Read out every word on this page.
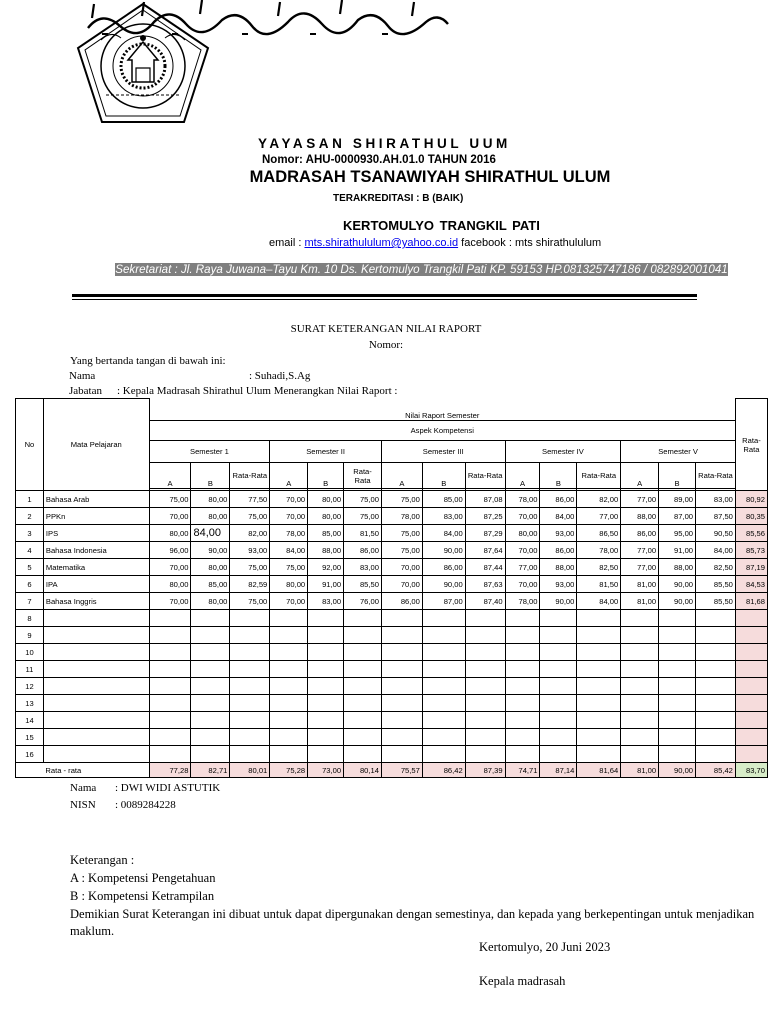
YAYASAN SHIRATHUL UUM
Nomor: AHU-0000930.AH.01.0 TAHUN 2016
MADRASAH TSANAWIYAH SHIRATHUL ULUM
TERAKREDITASI : B (BAIK)
KERTOMULYO TRANGKIL PATI
email : mts.shirathululum@yahoo.co.id facebook : mts shirathululum
Sekretariat : Jl. Raya Juwana–Tayu Km. 10 Ds. Kertomulyo Trangkil Pati KP. 59153 HP.081325747186 / 082892001041
SURAT KETERANGAN NILAI RAPORT
Nomor:
Yang bertanda tangan di bawah ini:
Nama	: Suhadi,S.Ag
Jabatan : Kepala Madrasah Shirathul Ulum Menerangkan Nilai Raport :
No	Mata Pelajaran	Nilai Raport Semester															Rata-Rata
		Aspek Kompetensi															
		Semester 1			Semester II			Semester III			Semester IV			Semester V			
		A	B	Rata-Rata	A	B	Rata-Rata	A	B	Rata-Rata	A	B	Rata-Rata	A	B	Rata-Rata	

1	Bahasa Arab	75,00	80,00	77,50	70,00	80,00	75,00	75,00	85,00	87,08	78,00	86,00	82,00	77,00	89,00	83,00	80,92
2	PPKn	70,00	80,00	75,00	70,00	80,00	75,00	78,00	83,00	87,25	70,00	84,00	77,00	88,00	87,00	87,50	80,35
3	IPS	80,00	84,00	82,00	78,00	85,00	81,50	75,00	84,00	87,29	80,00	93,00	86,50	86,00	95,00	90,50	85,56
4	Bahasa Indonesia	96,00	90,00	93,00	84,00	88,00	86,00	75,00	90,00	87,64	70,00	86,00	78,00	77,00	91,00	84,00	85,73
5	Matematika	70,00	80,00	75,00	75,00	92,00	83,00	70,00	86,00	87,44	77,00	88,00	82,50	77,00	88,00	82,50	87,19
6	IPA	80,00	85,00	82,59	80,00	91,00	85,50	70,00	90,00	87,63	70,00	93,00	81,50	81,00	90,00	85,50	84,53
7	Bahasa Inggris	70,00	80,00	75,00	70,00	83,00	76,00	86,00	87,00	87,40	78,00	90,00	84,00	81,00	90,00	85,50	81,68
8																	
9																	
10																	
11																	
12																	
13																	
14																	
15																	
16																	
	Rata - rata	77,28	82,71	80,01	75,28	73,00	80,14	75,57	86,42	87,39	74,71	87,14	81,64	81,00	90,00	85,42	83,70
Nama : DWI WIDI ASTUTIK
NISN : 0089284228
Keterangan :
A : Kompetensi Pengetahuan
B : Kompetensi Ketrampilan
Demikian Surat Keterangan ini dibuat untuk dapat dipergunakan dengan semestinya, dan kepada yang berkepentingan untuk menjadikan maklum.
Kertomulyo, 20 Juni 2023
Kepala madrasah
